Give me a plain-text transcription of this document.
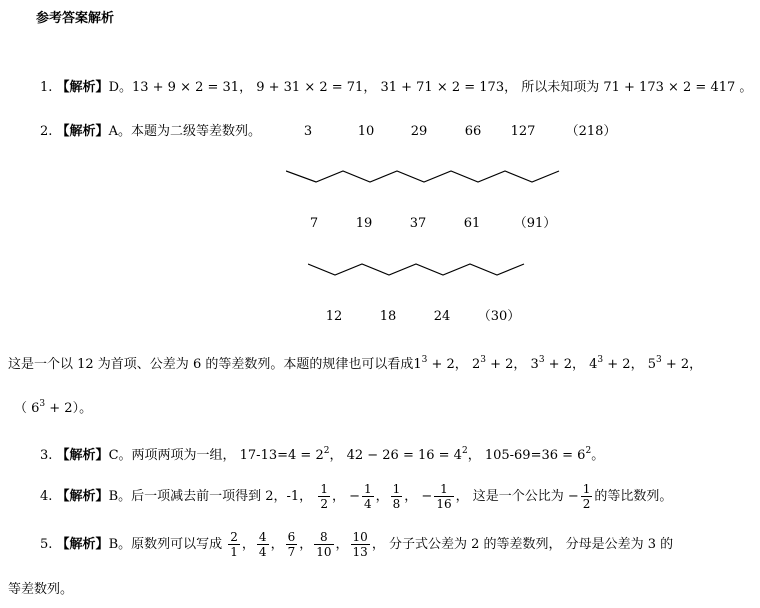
参考答案解析
1. 【解析】D。13 + 9 × 2 = 31， 9 + 31 × 2 = 71， 31 + 71 × 2 = 173， 所以未知项为 71 + 173 × 2 = 417 。
2. 【解析】A。本题为二级等差数列。	3	10	29	66	127	（218）
7	19	37	61	（91）
12	18	24	（30）
这是一个以 12 为首项、公差为 6 的等差数列。本题的规律也可以看成$1^3 + 2$， $2^3 + 2$， $3^3 + 2$， $4^3 + 2$， $5^3 + 2$，
（ $6^3 + 2$）。
3. 【解析】C。两项两项为一组， $17-13=4 = 2^2$， $42 - 26 = 16 = 4^2$， $105-69=36 = 6^2$。
4. 【解析】B。后一项减去前一项得到 2，-1， $\frac{1}{2}$ ， − $\frac{1}{4}$ ， $\frac{1}{8}$ ， − $\frac{1}{16}$ ， 这是一个公比为 − $\frac{1}{2}$ 的等比数列。
5. 【解析】B。原数列可以写成 $\frac{2}{1}$ ， $\frac{4}{4}$ ， $\frac{6}{7}$ ， $\frac{8}{10}$ ， $\frac{10}{13}$ ， 分子式公差为 2 的等差数列， 分母是公差为 3 的
等差数列。
